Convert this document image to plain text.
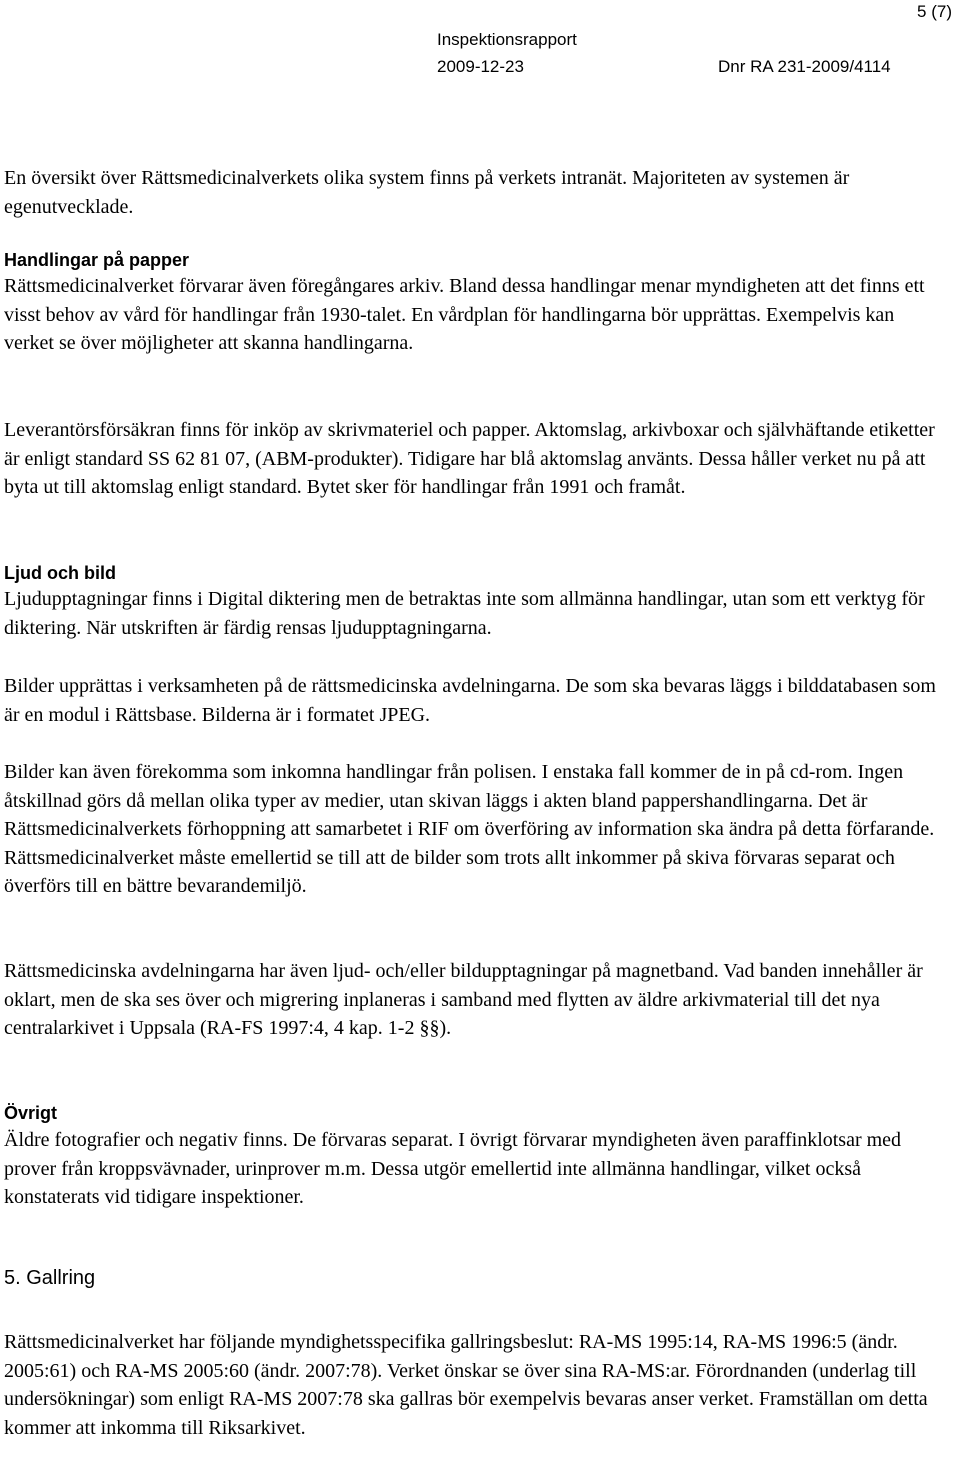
5 (7)
Inspektionsrapport
2009-12-23	Dnr RA 231-2009/4114

En översikt över Rättsmedicinalverkets olika system finns på verkets intranät. Majoriteten av systemen är egenutvecklade.

Handlingar på papper

Rättsmedicinalverket förvarar även föregångares arkiv. Bland dessa handlingar menar myndigheten att det finns ett visst behov av vård för handlingar från 1930-talet. En vårdplan för handlingarna bör upprättas. Exempelvis kan verket se över möjligheter att skanna handlingarna.

Leverantörsförsäkran finns för inköp av skrivmateriel och papper. Aktomslag, arkivboxar och självhäftande etiketter är enligt standard SS 62 81 07, (ABM-produkter). Tidigare har blå aktomslag använts. Dessa håller verket nu på att byta ut till aktomslag enligt standard. Bytet sker för handlingar från 1991 och framåt.

Ljud och bild

Ljudupptagningar finns i Digital diktering men de betraktas inte som allmänna handlingar, utan som ett verktyg för diktering. När utskriften är färdig rensas ljudupptagningarna.

Bilder upprättas i verksamheten på de rättsmedicinska avdelningarna. De som ska bevaras läggs i bilddatabasen som är en modul i Rättsbase. Bilderna är i formatet JPEG.

Bilder kan även förekomma som inkomna handlingar från polisen. I enstaka fall kommer de in på cd-rom. Ingen åtskillnad görs då mellan olika typer av medier, utan skivan läggs i akten bland pappershandlingarna. Det är Rättsmedicinalverkets förhoppning att samarbetet i RIF om överföring av information ska ändra på detta förfarande. Rättsmedicinalverket måste emellertid se till att de bilder som trots allt inkommer på skiva förvaras separat och överförs till en bättre bevarandemiljö.

Rättsmedicinska avdelningarna har även ljud- och/eller bildupptagningar på magnetband. Vad banden innehåller är oklart, men de ska ses över och migrering inplaneras i samband med flytten av äldre arkivmaterial till det nya centralarkivet i Uppsala (RA-FS 1997:4, 4 kap. 1-2 §§).

Övrigt

Äldre fotografier och negativ finns. De förvaras separat. I övrigt förvarar myndigheten även paraffinklotsar med prover från kroppsvävnader, urinprover m.m. Dessa utgör emellertid inte allmänna handlingar, vilket också konstaterats vid tidigare inspektioner.

5. Gallring

Rättsmedicinalverket har följande myndighetsspecifika gallringsbeslut: RA-MS 1995:14, RA-MS 1996:5 (ändr. 2005:61) och RA-MS 2005:60 (ändr. 2007:78). Verket önskar se över sina RA-MS:ar. Förordnanden (underlag till undersökningar) som enligt RA-MS 2007:78 ska gallras bör exempelvis bevaras anser verket. Framställan om detta kommer att inkomma till Riksarkivet.
